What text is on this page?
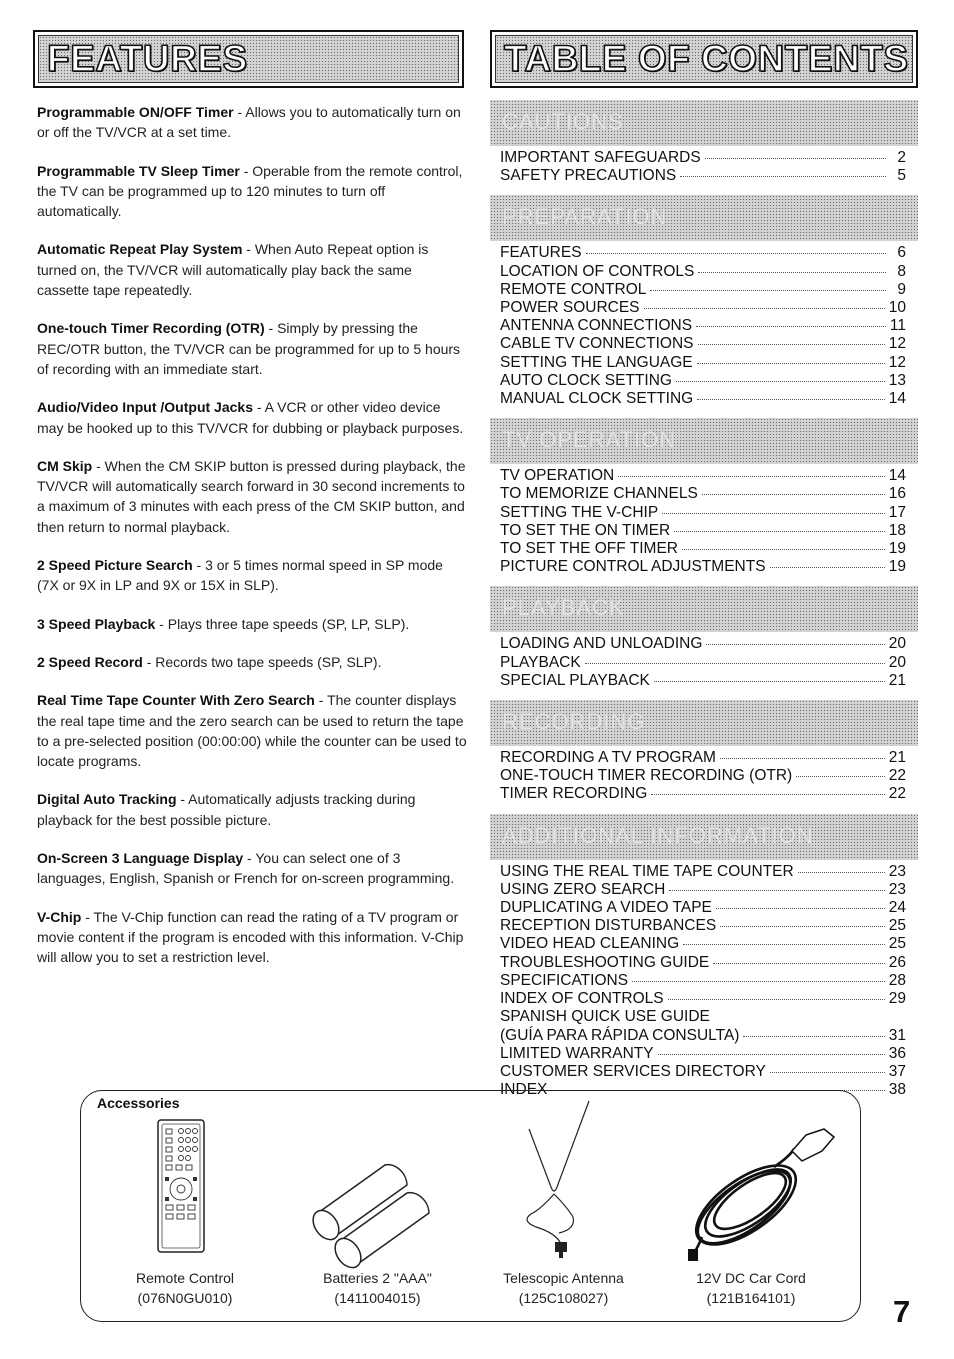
FEATURES	TABLE OF CONTENTS

Programmable ON/OFF Timer - Allows you to automatically turn on or off the TV/VCR at a set time.

Programmable TV Sleep Timer - Operable from the remote control, the TV can be programmed up to 120 minutes to turn off automatically.

Automatic Repeat Play System - When Auto Repeat option is turned on, the TV/VCR will automatically play back the same cassette tape repeatedly.

One-touch Timer Recording (OTR) - Simply by pressing the REC/OTR button, the TV/VCR can be programmed for up to 5 hours of recording with an immediate start.

Audio/Video Input /Output Jacks - A VCR or other video device may be hooked up to this TV/VCR for dubbing or playback purposes.

CM Skip - When the CM SKIP button is pressed during playback, the TV/VCR will automatically search forward in 30 second increments to a maximum of 3 minutes with each press of the CM SKIP button, and then return to normal playback.

2 Speed Picture Search - 3 or 5 times normal speed in SP mode (7X or 9X in LP and 9X or 15X in SLP).

3 Speed Playback - Plays three tape speeds (SP, LP, SLP).

2 Speed Record - Records two tape speeds (SP, SLP).

Real Time Tape Counter With Zero Search - The counter displays the real tape time and the zero search can be used to return the tape to a pre-selected position (00:00:00) while the counter can be used to locate programs.

Digital Auto Tracking - Automatically adjusts tracking during playback for the best possible picture.

On-Screen 3 Language Display - You can select one of 3 languages, English, Spanish or French for on-screen programming.

V-Chip - The V-Chip function can read the rating of a TV program or movie content if the program is encoded with this information. V-Chip will allow you to set a restriction level.

CAUTIONS
IMPORTANT SAFEGUARDS	2
SAFETY PRECAUTIONS	5
PREPARATION
FEATURES	6
LOCATION OF CONTROLS	8
REMOTE CONTROL	9
POWER SOURCES	10
ANTENNA CONNECTIONS	11
CABLE TV CONNECTIONS	12
SETTING THE LANGUAGE	12
AUTO CLOCK SETTING	13
MANUAL CLOCK SETTING	14
TV OPERATION
TV OPERATION	14
TO MEMORIZE CHANNELS	16
SETTING THE V-CHIP	17
TO SET THE ON TIMER	18
TO SET THE OFF TIMER	19
PICTURE CONTROL ADJUSTMENTS	19
PLAYBACK
LOADING AND UNLOADING	20
PLAYBACK	20
SPECIAL PLAYBACK	21
RECORDING
RECORDING A TV PROGRAM	21
ONE-TOUCH TIMER RECORDING (OTR)	22
TIMER RECORDING	22
ADDITIONAL INFORMATION
USING THE REAL TIME TAPE COUNTER	23
USING ZERO SEARCH	23
DUPLICATING A VIDEO TAPE	24
RECEPTION DISTURBANCES	25
VIDEO HEAD CLEANING	25
TROUBLESHOOTING GUIDE	26
SPECIFICATIONS	28
INDEX OF CONTROLS	29
SPANISH QUICK USE GUIDE
(GUÍA PARA RÁPIDA CONSULTA)	31
LIMITED WARRANTY	36
CUSTOMER SERVICES DIRECTORY	37
INDEX	38
Accessories
Remote Control
(076N0GU010)
Batteries 2 "AAA"
(1411004015)
Telescopic Antenna
(125C108027)
12V DC Car Cord
(121B164101)	7
